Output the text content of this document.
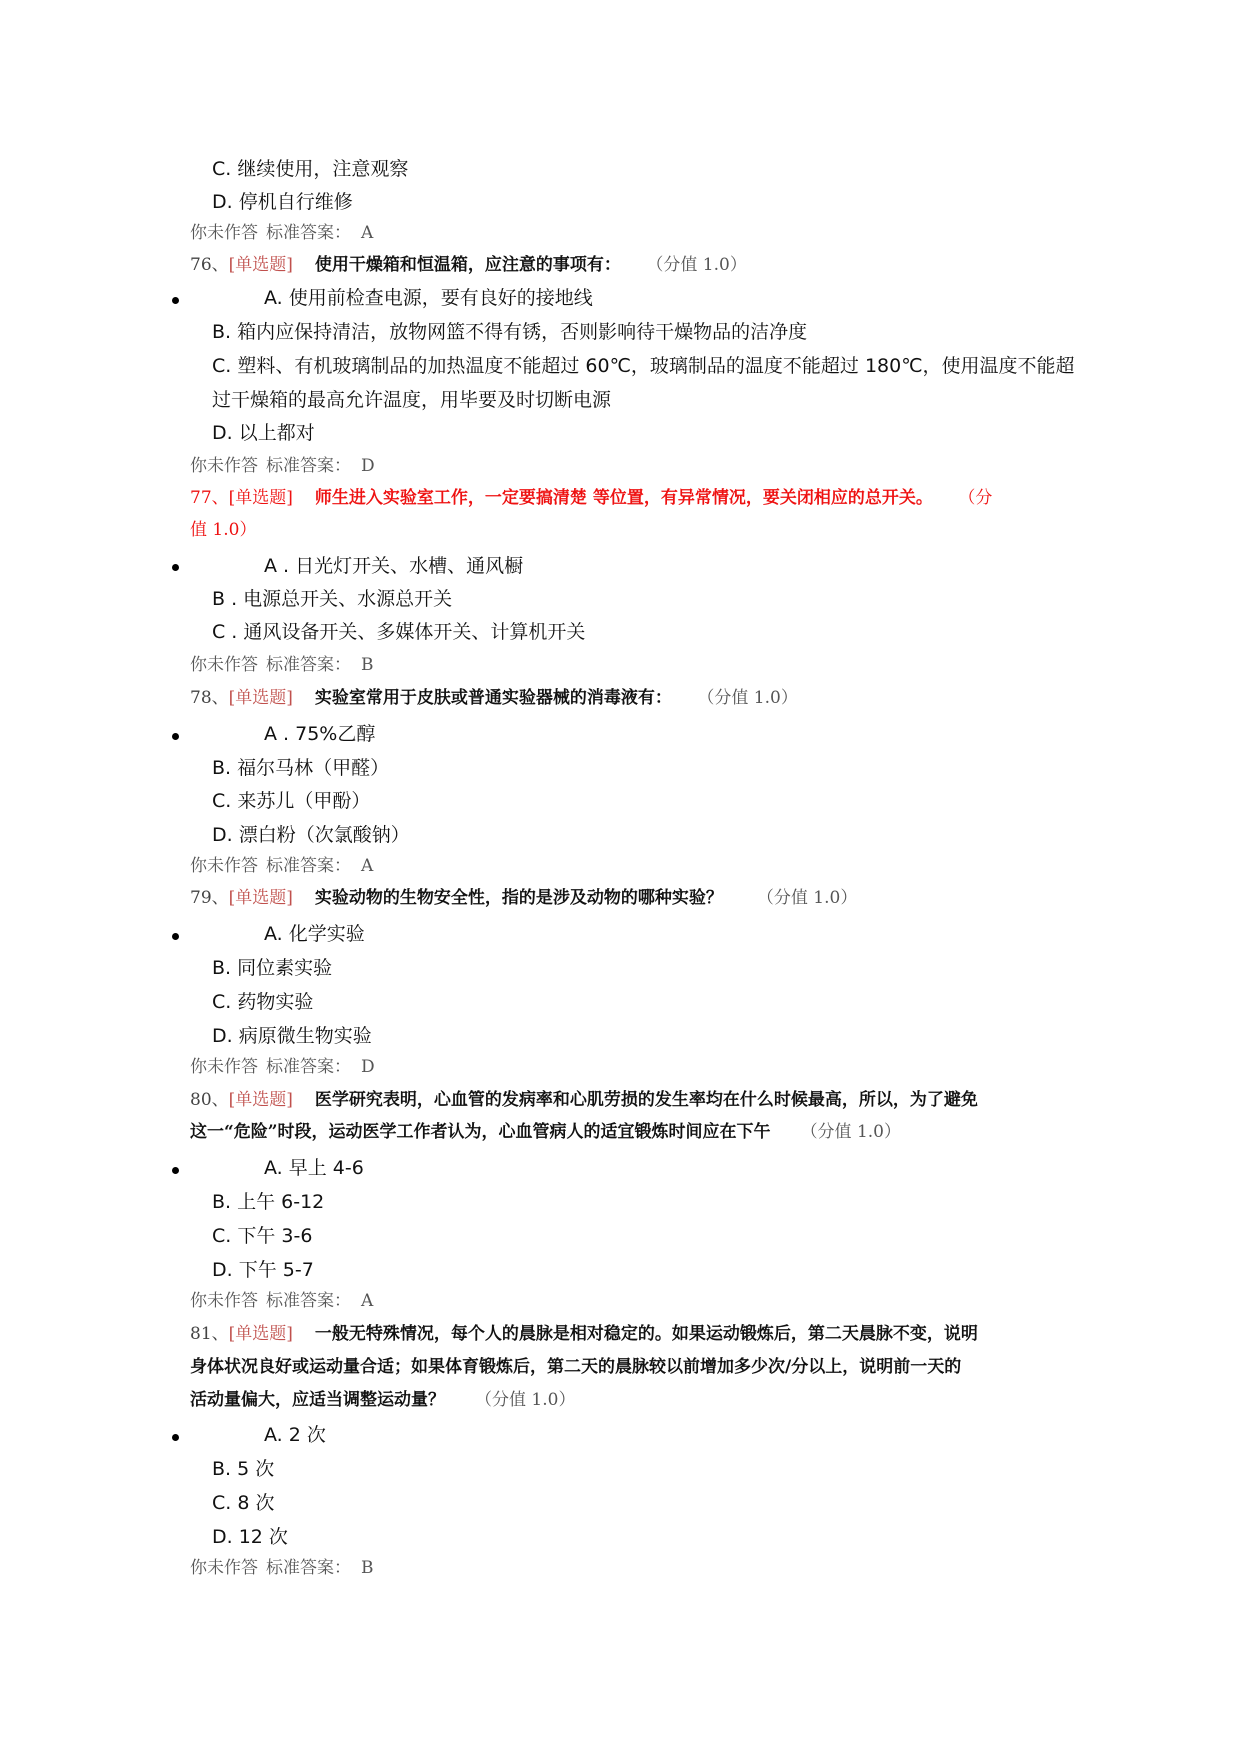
C. 继续使用，注意观察
D. 停机自行维修
你未作答 标准答案： A
76、[单选题] 使用干燥箱和恒温箱，应注意的事项有： （分值 1.0）
A. 使用前检查电源，要有良好的接地线
B. 箱内应保持清洁，放物网篮不得有锈，否则影响待干燥物品的洁净度
C. 塑料、有机玻璃制品的加热温度不能超过 60℃，玻璃制品的温度不能超过 180℃，使用温度不能超
过干燥箱的最高允许温度，用毕要及时切断电源
D. 以上都对
你未作答 标准答案： D
77、[单选题] 师生进入实验室工作，一定要搞清楚 等位置，有异常情况，要关闭相应的总开关。 （分
值 1.0）
A . 日光灯开关、水槽、通风橱
B . 电源总开关、水源总开关
C . 通风设备开关、多媒体开关、计算机开关
你未作答 标准答案： B
78、[单选题] 实验室常用于皮肤或普通实验器械的消毒液有： （分值 1.0）
A . 75%乙醇
B. 福尔马林（甲醛）
C. 来苏儿（甲酚）
D. 漂白粉（次氯酸钠）
你未作答 标准答案： A
79、[单选题] 实验动物的生物安全性，指的是涉及动物的哪种实验？ （分值 1.0）
A. 化学实验
B. 同位素实验
C. 药物实验
D. 病原微生物实验
你未作答 标准答案： D
80、[单选题] 医学研究表明，心血管的发病率和心肌劳损的发生率均在什么时候最高，所以，为了避免
这一“危险”时段，运动医学工作者认为，心血管病人的适宜锻炼时间应在下午 （分值 1.0）
A. 早上 4-6
B. 上午 6-12
C. 下午 3-6
D. 下午 5-7
你未作答 标准答案： A
81、[单选题] 一般无特殊情况，每个人的晨脉是相对稳定的。如果运动锻炼后，第二天晨脉不变，说明
身体状况良好或运动量合适；如果体育锻炼后，第二天的晨脉较以前增加多少次/分以上，说明前一天的
活动量偏大，应适当调整运动量？ （分值 1.0）
A. 2 次
B. 5 次
C. 8 次
D. 12 次
你未作答 标准答案： B
